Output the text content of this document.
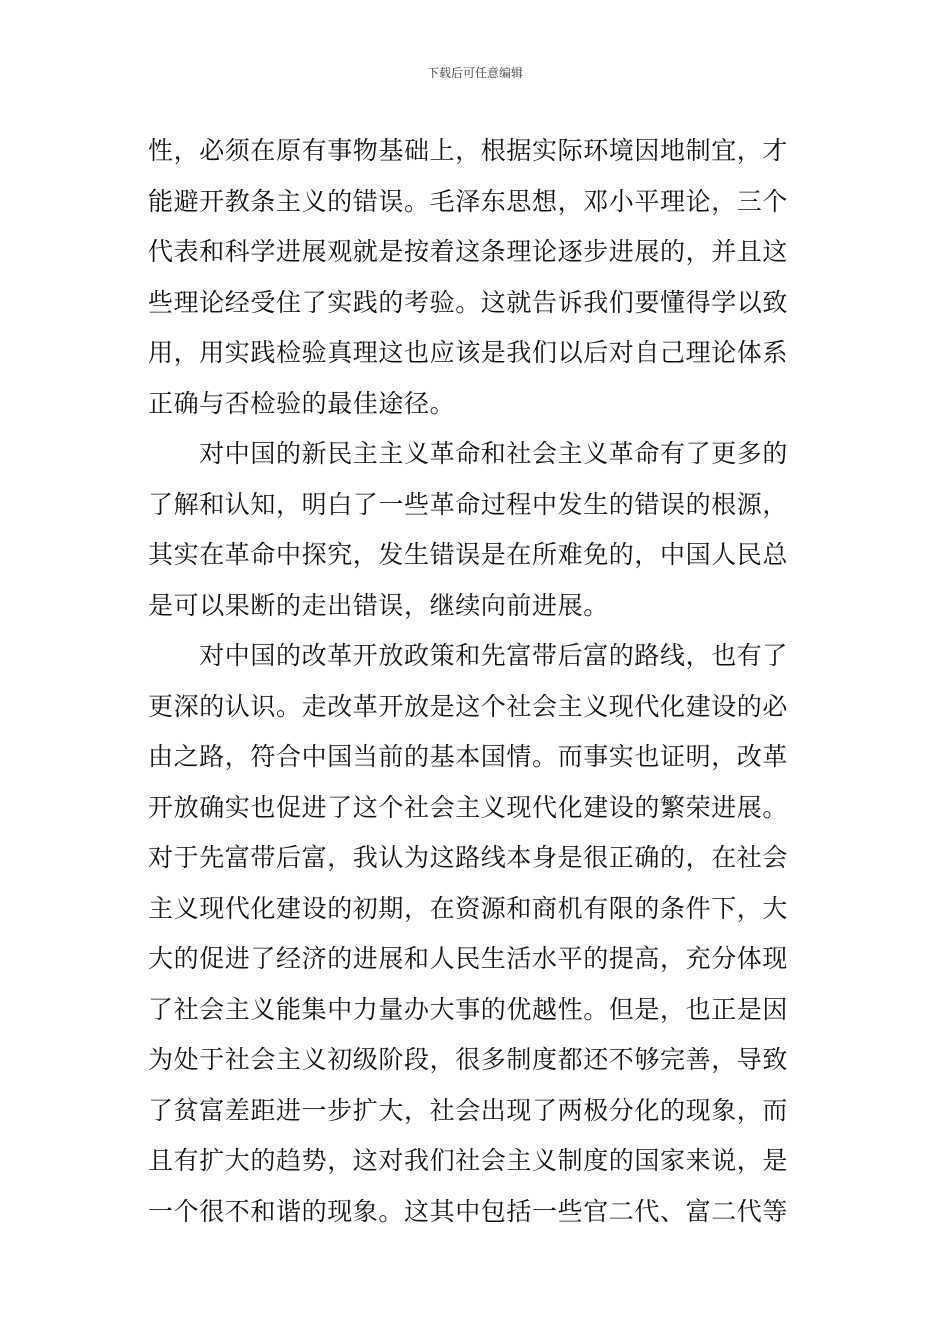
下载后可任意编辑

性，必须在原有事物基础上，根据实际环境因地制宜，才
能避开教条主义的错误。毛泽东思想，邓小平理论，三个
代表和科学进展观就是按着这条理论逐步进展的，并且这
些理论经受住了实践的考验。这就告诉我们要懂得学以致
用，用实践检验真理这也应该是我们以后对自己理论体系
正确与否检验的最佳途径。
　　对中国的新民主主义革命和社会主义革命有了更多的
了解和认知，明白了一些革命过程中发生的错误的根源，
其实在革命中探究，发生错误是在所难免的，中国人民总
是可以果断的走出错误，继续向前进展。
　　对中国的改革开放政策和先富带后富的路线，也有了
更深的认识。走改革开放是这个社会主义现代化建设的必
由之路，符合中国当前的基本国情。而事实也证明，改革
开放确实也促进了这个社会主义现代化建设的繁荣进展。
对于先富带后富，我认为这路线本身是很正确的，在社会
主义现代化建设的初期，在资源和商机有限的条件下，大
大的促进了经济的进展和人民生活水平的提高，充分体现
了社会主义能集中力量办大事的优越性。但是，也正是因
为处于社会主义初级阶段，很多制度都还不够完善，导致
了贫富差距进一步扩大，社会出现了两极分化的现象，而
且有扩大的趋势，这对我们社会主义制度的国家来说，是
一个很不和谐的现象。这其中包括一些官二代、富二代等
